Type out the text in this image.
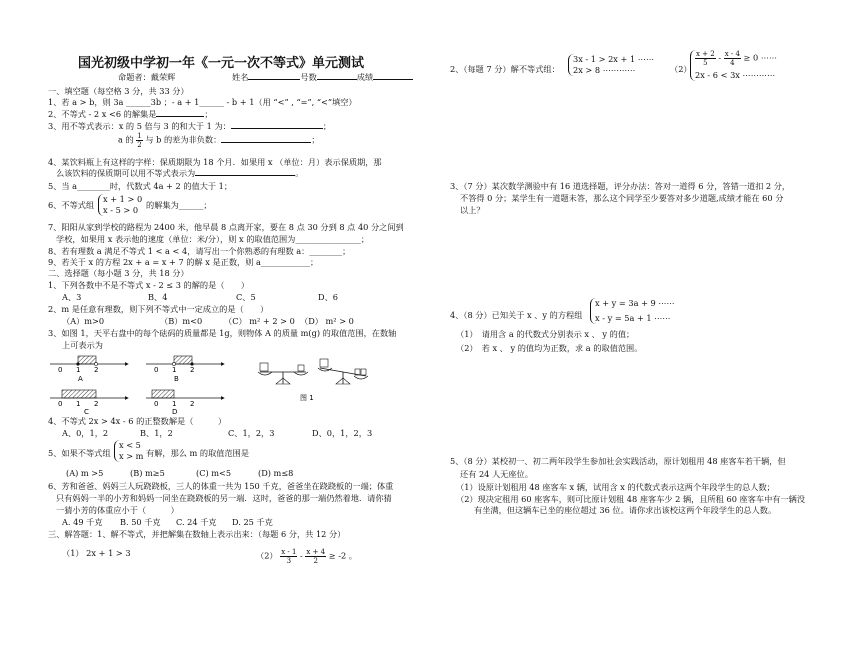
国光初级中学初一年《一元一次不等式》单元测试
命题者：戴荣辉	姓名	号数	成绩
一、填空题（每空格 3 分，共 33 分）
1、若 a > b，则 3a ______3b ；- a + 1______ - b + 1（用 “<” , “=”, “<”填空）
2、不等式 - 2 x <6 的解集是	；
3、用不等式表示：x 的 5 倍与 3 的和大于 1 为：	；
a 的 $\frac{1}{2}$ 与 b 的差为非负数：	；
4、某饮料瓶上有这样的字样：保质期限为 18 个月．如果用 x （单位：月）表示保质期，那
么该饮料的保质期可以用不等式表示为	。
5、当 a________时，代数式 4a + 2 的值大于 1；
6、不等式组
x + 1 > 0
x - 5 > 0 的解集为______；
7、阳阳从家到学校的路程为 2400 米，他早晨 8 点离开家，要在 8 点 30 分到 8 点 40 分之间到
学校，如果用 x 表示他的速度（单位：米/分），则 x 的取值范围为________________；
8、若有理数 a 满足不等式 1 < a < 4，请写出一个你熟悉的有理数 a：________；
9、若关于 x 的方程 2x + a = x + 7 的解 x 是正数，则 a____________；
二、选择题（每小题 3 分，共 18 分）
1、下列各数中不是不等式 x - 2 ≤ 3 的解的是（　　）
A、3	B、4	C、5	D、6
2、m 是任意有理数，则下列不等式中一定成立的是（　　）
（A）m>0	（B）m<0	（C） m² + 2 > 0 （D） m² > 0
3、如图 1，天平右盘中的每个砝码的质量都是 1g，则物体 A 的质量 m(g) 的取值范围，在数轴
上可表示为
0 1 2
A
0 1 2
B
0 1 2
C
0 1 2
D
图 1
4、不等式 2x > 4x - 6 的正整数解是（　　　）
A、0，1，2	B、1，2	C、1，2，3	D、0，1，2，3
5、如果不等式组
x < 5
x > m 有解，那么 m 的取值范围是
(A) m >5	(B) m≥5	(C) m<5	(D) m≤8
6、芳和爸爸、妈妈三人玩跷跷板，三人的体重一共为 150 千克，爸爸坐在跷跷板的一端；体重
只有妈妈一半的小芳和妈妈一同坐在跷跷板的另一端．这时，爸爸的那一端仍然着地．请你猜
一猜小芳的体重应小于（　　　）
A. 49 千克 B. 50 千克 C. 24 千克 D. 25 千克
三、解答题：1、解不等式，并把解集在数轴上表示出来：（每题 6 分，共 12 分）
（1） 2x + 1 > 3	$(2) \frac{x - 1}{3} - \frac{x + 4}{2} \ge -2$ 。
2、（每题 7 分）解不等式组：
3x - 1 > 2x + 1 ⋯⋯
2x > 8 ⋯⋯⋯⋯	（2）
$\frac{x + 2}{5} - \frac{x - 4}{4} \ge 0$ ⋯⋯
2x - 6 < 3x ⋯⋯⋯⋯
3、（7 分）某次数学测验中有 16 道选择题，评分办法：答对一道得 6 分，答错一道扣 2 分，
不答得 0 分；某学生有一道题未答，那么这个同学至少要答对多少道题,成绩才能在 60 分
以上？
4、（8 分）已知关于 x 、y 的方程组
x + y = 3a + 9 ⋯⋯
x - y = 5a + 1 ⋯⋯
（1）　请用含 a 的代数式分别表示 x 、 y 的值；
（2）　若 x 、 y 的值均为正数，求 a 的取值范围。
5、（8 分）某校初一、初二两年段学生参加社会实践活动，原计划租用 48 座客车若干辆，但
还有 24 人无座位。
（1）设原计划租用 48 座客车 x 辆，试用含 x 的代数式表示这两个年段学生的总人数；
（2）现决定租用 60 座客车，则可比原计划租 48 座客车少 2 辆，且所租 60 座客车中有一辆没
有坐满，但这辆车已坐的座位超过 36 位。请你求出该校这两个年段学生的总人数。
